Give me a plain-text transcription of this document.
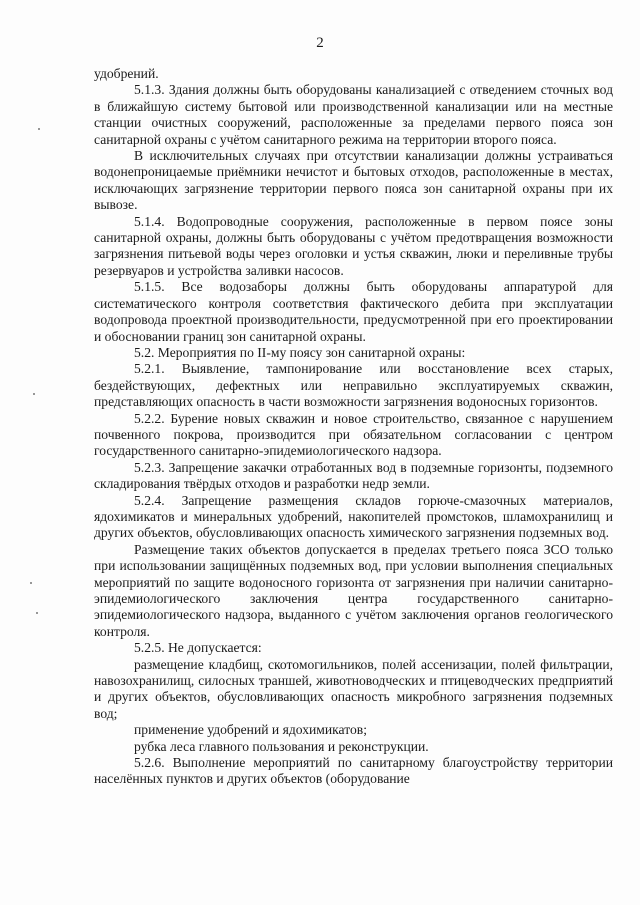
2

удобрений.

5.1.3. Здания должны быть оборудованы канализацией с отведением сточных вод в ближайшую систему бытовой или производственной канализации или на местные станции очистных сооружений, расположенные за пределами первого пояса зон санитарной охраны с учётом санитарного режима на территории второго пояса.

В исключительных случаях при отсутствии канализации должны устраиваться водонепроницаемые приёмники нечистот и бытовых отходов, расположенные в местах, исключающих загрязнение территории первого пояса зон санитарной охраны при их вывозе.

5.1.4. Водопроводные сооружения, расположенные в первом поясе зоны санитарной охраны, должны быть оборудованы с учётом предотвращения возможности загрязнения питьевой воды через оголовки и устья скважин, люки и переливные трубы резервуаров и устройства заливки насосов.

5.1.5. Все водозаборы должны быть оборудованы аппаратурой для систематического контроля соответствия фактического дебита при эксплуатации водопровода проектной производительности, предусмотренной при его проектировании и обосновании границ зон санитарной охраны.

5.2. Мероприятия по II-му поясу зон санитарной охраны:

5.2.1. Выявление, тампонирование или восстановление всех старых, бездействующих, дефектных или неправильно эксплуатируемых скважин, представляющих опасность в части возможности загрязнения водоносных горизонтов.

5.2.2. Бурение новых скважин и новое строительство, связанное с нарушением почвенного покрова, производится при обязательном согласовании с центром государственного санитарно-эпидемиологического надзора.

5.2.3. Запрещение закачки отработанных вод в подземные горизонты, подземного складирования твёрдых отходов и разработки недр земли.

5.2.4. Запрещение размещения складов горюче-смазочных материалов, ядохимикатов и минеральных удобрений, накопителей промстоков, шламохранилищ и других объектов, обусловливающих опасность химического загрязнения подземных вод.

Размещение таких объектов допускается в пределах третьего пояса ЗСО только при использовании защищённых подземных вод, при условии выполнения специальных мероприятий по защите водоносного горизонта от загрязнения при наличии санитарно-эпидемиологического заключения центра государственного санитарно-эпидемиологического надзора, выданного с учётом заключения органов геологического контроля.

5.2.5. Не допускается:

размещение кладбищ, скотомогильников, полей ассенизации, полей фильтрации, навозохранилищ, силосных траншей, животноводческих и птицеводческих предприятий и других объектов, обусловливающих опасность микробного загрязнения подземных вод;

применение удобрений и ядохимикатов;

рубка леса главного пользования и реконструкции.

5.2.6. Выполнение мероприятий по санитарному благоустройству территории населённых пунктов и других объектов (оборудование
